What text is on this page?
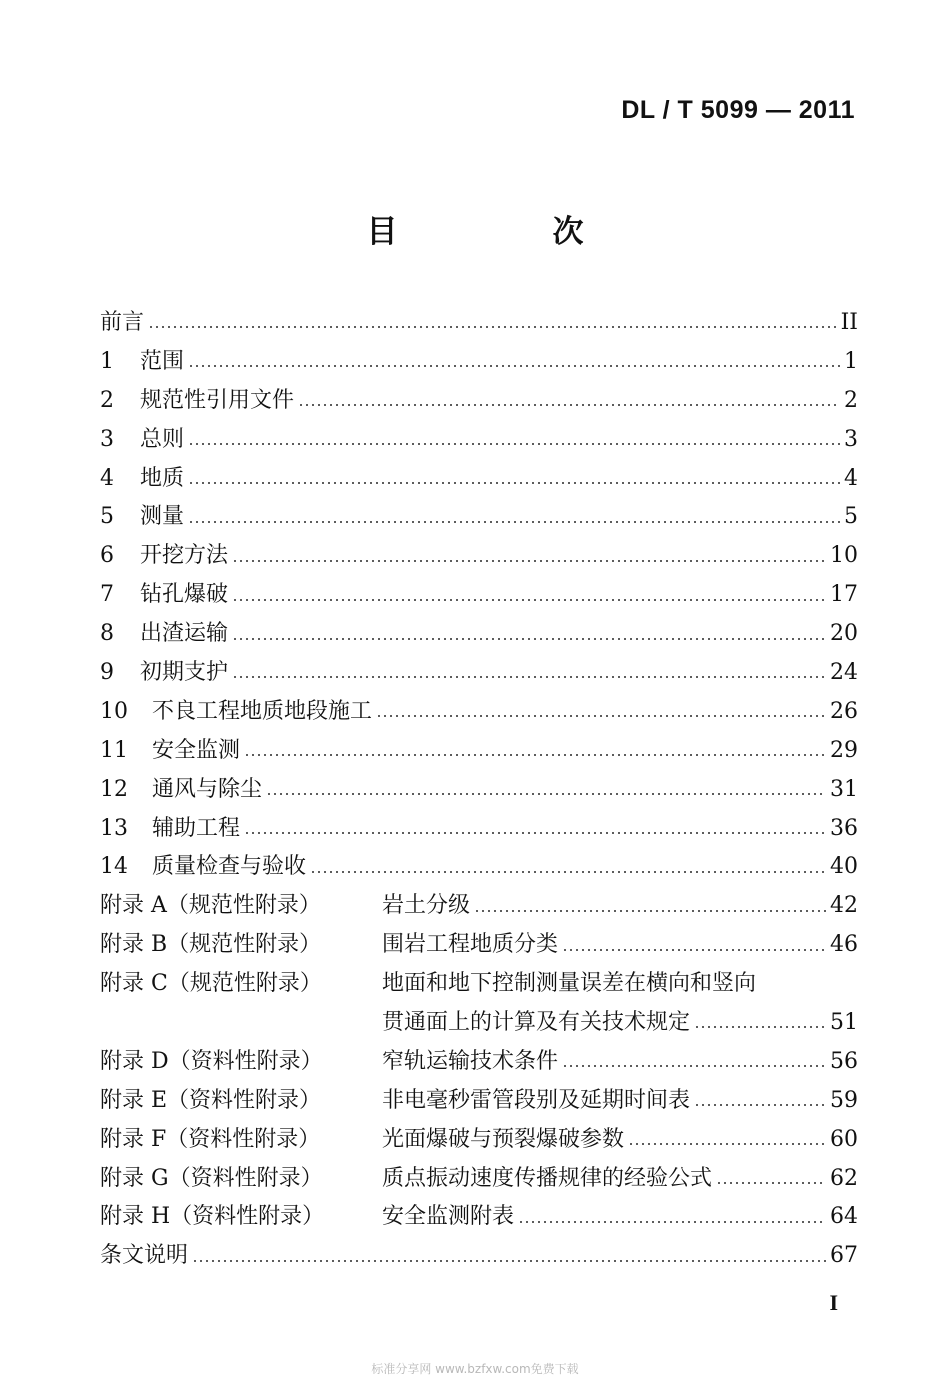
DL / T 5099 — 2011
目　次
前言	II
1	范围	1
2	规范性引用文件	2
3	总则	3
4	地质	4
5	测量	5
6	开挖方法	10
7	钻孔爆破	17
8	出渣运输	20
9	初期支护	24
10	不良工程地质地段施工	26
11	安全监测	29
12	通风与除尘	31
13	辅助工程	36
14	质量检查与验收	40
附录 A（规范性附录）	岩土分级	42
附录 B（规范性附录）	围岩工程地质分类	46
附录 C（规范性附录）	地面和地下控制测量误差在横向和竖向
贯通面上的计算及有关技术规定	51
附录 D（资料性附录）	窄轨运输技术条件	56
附录 E（资料性附录）	非电毫秒雷管段别及延期时间表	59
附录 F（资料性附录）	光面爆破与预裂爆破参数	60
附录 G（资料性附录）	质点振动速度传播规律的经验公式	62
附录 H（资料性附录）	安全监测附表	64
条文说明	67
I
标准分享网 www.bzfxw.com免费下载
